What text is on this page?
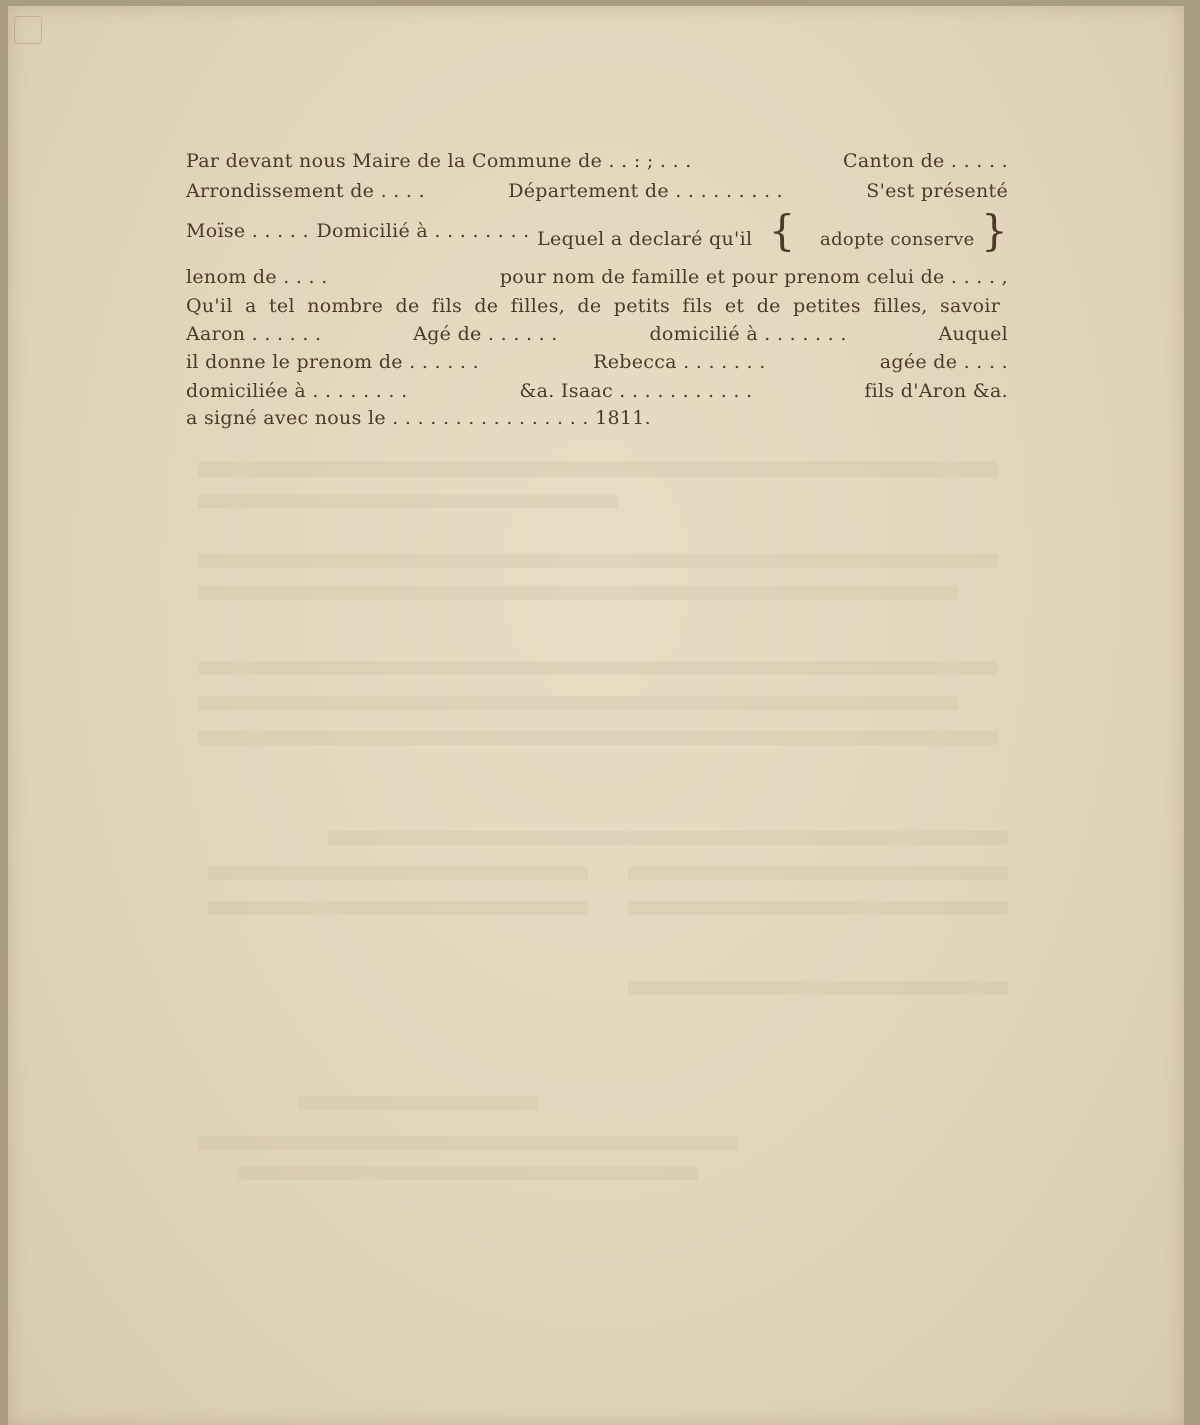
Par devant nous Maire de la Commune de . . : ; . . .	Canton de . . . . .
Arrondissement de . . . .	Département de . . . . . . . . .	S'est présenté
Moïse . . . . . Domicilié à . . . . . . . . Lequel a declaré qu'il { adopte conserve }
lenom de . . . .	pour nom de famille et pour prenom celui de . . . . ,
Qu'il a tel nombre de fils de filles, de petits fils et de petites filles, savoir
Aaron . . . . . .	Agé de . . . . . .	domicilié à . . . . . . .	Auquel
il donne le prenom de . . . . . .	Rebecca . . . . . . .	agée de . . . .
domiciliée à . . . . . . . .	&a. Isaac . . . . . . . . . . .	fils d'Aron &a.
a signé avec nous le . . . . . . . . . . . . . . . . 1811.
